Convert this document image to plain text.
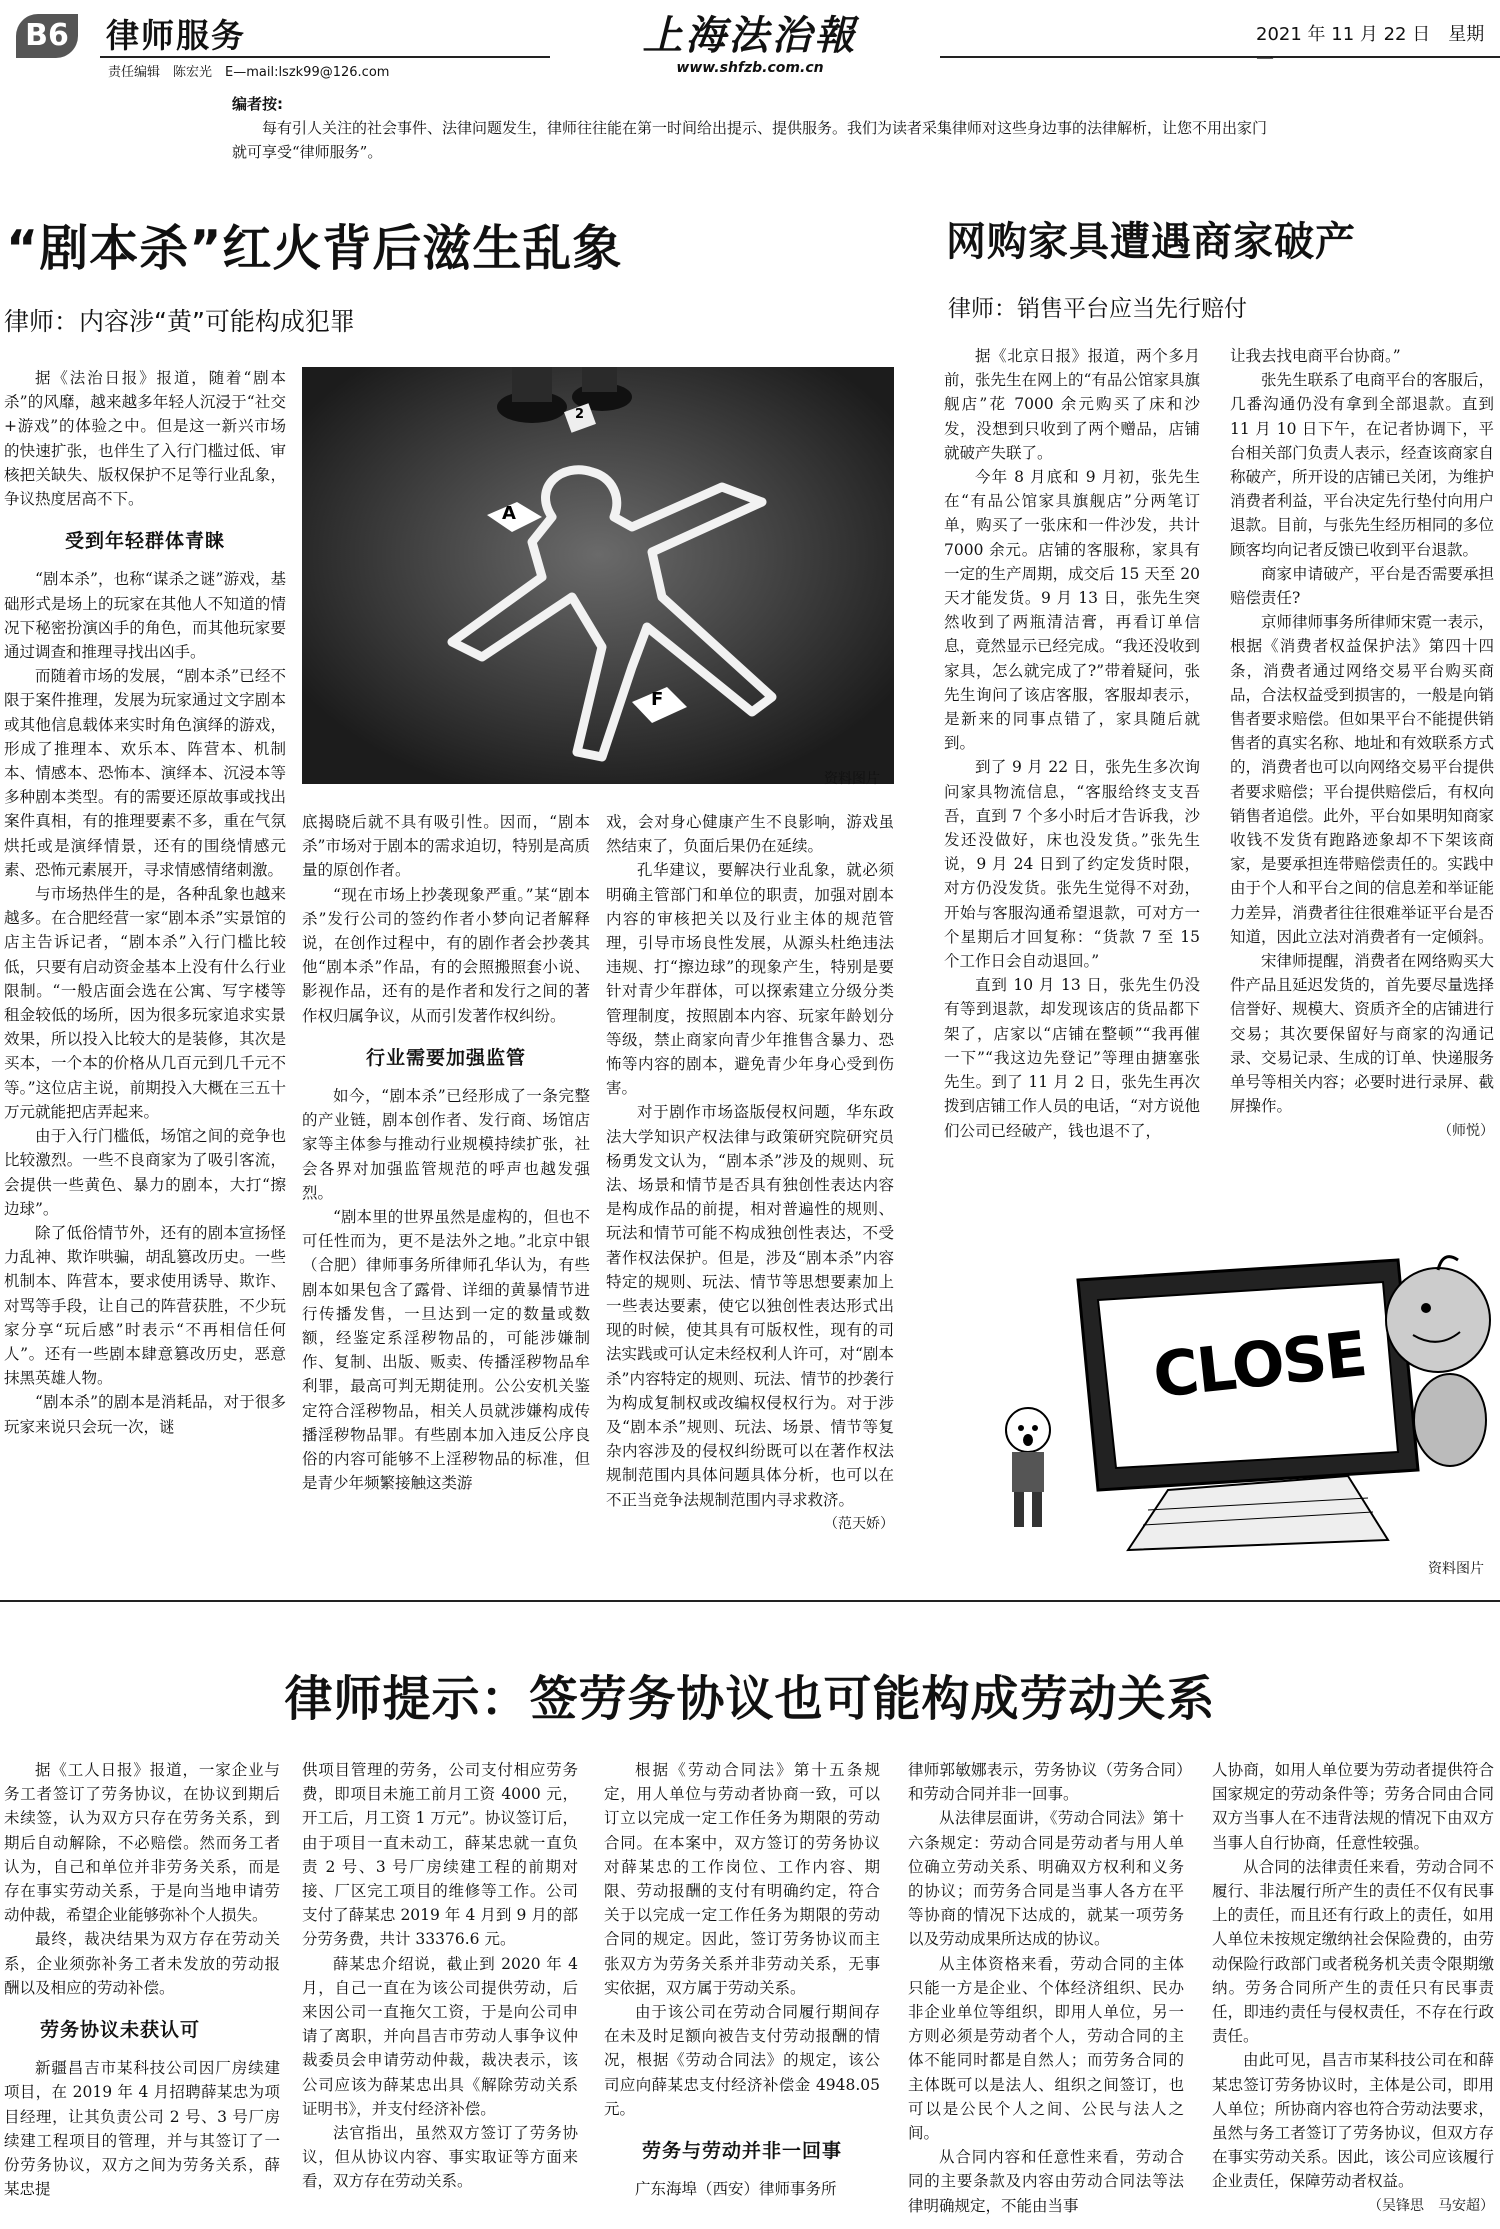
B6 律师服务
责任编辑　陈宏光　E—mail:lszk99@126.com
上海法治報
www.shfzb.com.cn
2021 年 11 月 22 日　星期一
编者按:
每有引人关注的社会事件、法律问题发生，律师往往能在第一时间给出提示、提供服务。我们为读者采集律师对这些身边事的法律解析，让您不用出家门就可享受“律师服务”。
“剧本杀”红火背后滋生乱象
律师：内容涉“黄”可能构成犯罪
A
F
2
资料图片

据《法治日报》报道，随着“剧本杀”的风靡，越来越多年轻人沉浸于“社交+游戏”的体验之中。但是这一新兴市场的快速扩张，也伴生了入行门槛过低、审核把关缺失、版权保护不足等行业乱象，争议热度居高不下。

受到年轻群体青睐

“剧本杀”，也称“谋杀之谜”游戏，基础形式是场上的玩家在其他人不知道的情况下秘密扮演凶手的角色，而其他玩家要通过调查和推理寻找出凶手。

而随着市场的发展，“剧本杀”已经不限于案件推理，发展为玩家通过文字剧本或其他信息载体来实时角色演绎的游戏，形成了推理本、欢乐本、阵营本、机制本、情感本、恐怖本、演绎本、沉浸本等多种剧本类型。有的需要还原故事或找出案件真相，有的推理要素不多，重在气氛烘托或是演绎情景，还有的围绕情感元素、恐怖元素展开，寻求情感情绪刺激。

与市场热伴生的是，各种乱象也越来越多。在合肥经营一家“剧本杀”实景馆的店主告诉记者，“剧本杀”入行门槛比较低，只要有启动资金基本上没有什么行业限制。“一般店面会选在公寓、写字楼等租金较低的场所，因为很多玩家追求实景效果，所以投入比较大的是装修，其次是买本，一个本的价格从几百元到几千元不等。”这位店主说，前期投入大概在三五十万元就能把店弄起来。

由于入行门槛低，场馆之间的竞争也比较激烈。一些不良商家为了吸引客流，会提供一些黄色、暴力的剧本，大打“擦边球”。

除了低俗情节外，还有的剧本宣扬怪力乱神、欺诈哄骗，胡乱篡改历史。一些机制本、阵营本，要求使用诱导、欺诈、对骂等手段，让自己的阵营获胜，不少玩家分享“玩后感”时表示“不再相信任何人”。还有一些剧本肆意篡改历史，恶意抹黑英雄人物。

“剧本杀”的剧本是消耗品，对于很多玩家来说只会玩一次，谜

底揭晓后就不具有吸引性。因而，“剧本杀”市场对于剧本的需求迫切，特别是高质量的原创作者。

“现在市场上抄袭现象严重。”某“剧本杀”发行公司的签约作者小梦向记者解释说，在创作过程中，有的剧作者会抄袭其他“剧本杀”作品，有的会照搬照套小说、影视作品，还有的是作者和发行之间的著作权归属争议，从而引发著作权纠纷。

行业需要加强监管

如今，“剧本杀”已经形成了一条完整的产业链，剧本创作者、发行商、场馆店家等主体参与推动行业规模持续扩张，社会各界对加强监管规范的呼声也越发强烈。

“剧本里的世界虽然是虚构的，但也不可任性而为，更不是法外之地。”北京中银（合肥）律师事务所律师孔华认为，有些剧本如果包含了露骨、详细的黄暴情节进行传播发售，一旦达到一定的数量或数额，经鉴定系淫秽物品的，可能涉嫌制作、复制、出版、贩卖、传播淫秽物品牟利罪，最高可判无期徒刑。公公安机关鉴定符合淫秽物品，相关人员就涉嫌构成传播淫秽物品罪。有些剧本加入违反公序良俗的内容可能够不上淫秽物品的标准，但是青少年频繁接触这类游

戏，会对身心健康产生不良影响，游戏虽然结束了，负面后果仍在延续。

孔华建议，要解决行业乱象，就必须明确主管部门和单位的职责，加强对剧本内容的审核把关以及行业主体的规范管理，引导市场良性发展，从源头杜绝违法违规、打“擦边球”的现象产生，特别是要针对青少年群体，可以探索建立分级分类管理制度，按照剧本内容、玩家年龄划分等级，禁止商家向青少年推售含暴力、恐怖等内容的剧本，避免青少年身心受到伤害。

对于剧作市场盗版侵权问题，华东政法大学知识产权法律与政策研究院研究员杨勇发文认为，“剧本杀”涉及的规则、玩法、场景和情节是否具有独创性表达内容是构成作品的前提，相对普遍性的规则、玩法和情节可能不构成独创性表达，不受著作权法保护。但是，涉及“剧本杀”内容特定的规则、玩法、情节等思想要素加上一些表达要素，使它以独创性表达形式出现的时候，使其具有可版权性，现有的司法实践或可认定未经权利人许可，对“剧本杀”内容特定的规则、玩法、情节的抄袭行为构成复制权或改编权侵权行为。对于涉及“剧本杀”规则、玩法、场景、情节等复杂内容涉及的侵权纠纷既可以在著作权法规制范围内具体问题具体分析，也可以在不正当竞争法规制范围内寻求救济。

（范天娇）
网购家具遭遇商家破产
律师：销售平台应当先行赔付

据《北京日报》报道，两个多月前，张先生在网上的“有品公馆家具旗舰店”花 7000 余元购买了床和沙发，没想到只收到了两个赠品，店铺就破产失联了。

今年 8 月底和 9 月初，张先生在“有品公馆家具旗舰店”分两笔订单，购买了一张床和一件沙发，共计 7000 余元。店铺的客服称，家具有一定的生产周期，成交后 15 天至 20 天才能发货。9 月 13 日，张先生突然收到了两瓶清洁膏，再看订单信息，竟然显示已经完成。“我还没收到家具，怎么就完成了?”带着疑问，张先生询问了该店客服，客服却表示，是新来的同事点错了，家具随后就到。

到了 9 月 22 日，张先生多次询问家具物流信息，“客服给终支支吾吾，直到 7 个多小时后才告诉我，沙发还没做好，床也没发货。”张先生说，9 月 24 日到了约定发货时限，对方仍没发货。张先生觉得不对劲，开始与客服沟通希望退款，可对方一个星期后才回复称：“货款 7 至 15 个工作日会自动退回。”

直到 10 月 13 日，张先生仍没有等到退款，却发现该店的货品都下架了，店家以“店铺在整顿”“我再催一下”“我这边先登记”等理由搪塞张先生。到了 11 月 2 日，张先生再次拨到店铺工作人员的电话，“对方说他们公司已经破产，钱也退不了，

让我去找电商平台协商。”

张先生联系了电商平台的客服后，几番沟通仍没有拿到全部退款。直到 11 月 10 日下午，在记者协调下，平台相关部门负责人表示，经查该商家自称破产，所开设的店铺已关闭，为维护消费者利益，平台决定先行垫付向用户退款。目前，与张先生经历相同的多位顾客均向记者反馈已收到平台退款。

商家申请破产，平台是否需要承担赔偿责任?

京师律师事务所律师宋霓一表示，根据《消费者权益保护法》第四十四条，消费者通过网络交易平台购买商品，合法权益受到损害的，一般是向销售者要求赔偿。但如果平台不能提供销售者的真实名称、地址和有效联系方式的，消费者也可以向网络交易平台提供者要求赔偿；平台提供赔偿后，有权向销售者追偿。此外，平台如果明知商家收钱不发货有跑路迹象却不下架该商家，是要承担连带赔偿责任的。实践中由于个人和平台之间的信息差和举证能力差异，消费者往往很难举证平台是否知道，因此立法对消费者有一定倾斜。

宋律师提醒，消费者在网络购买大件产品且延迟发货的，首先要尽量选择信誉好、规模大、资质齐全的店铺进行交易；其次要保留好与商家的沟通记录、交易记录、生成的订单、快递服务单号等相关内容；必要时进行录屏、截屏操作。

（师悦）
CLOSE
资料图片
律师提示：签劳务协议也可能构成劳动关系

据《工人日报》报道，一家企业与务工者签订了劳务协议，在协议到期后未续签，认为双方只存在劳务关系，到期后自动解除，不必赔偿。然而务工者认为，自己和单位并非劳务关系，而是存在事实劳动关系，于是向当地申请劳动仲裁，希望企业能够弥补个人损失。

最终，裁决结果为双方存在劳动关系，企业须弥补务工者未发放的劳动报酬以及相应的劳动补偿。

劳务协议未获认可

新疆昌吉市某科技公司因厂房续建项目，在 2019 年 4 月招聘薛某忠为项目经理，让其负责公司 2 号、3 号厂房续建工程项目的管理，并与其签订了一份劳务协议，双方之间为劳务关系，薛某忠提

供项目管理的劳务，公司支付相应劳务费，即项目未施工前月工资 4000 元，开工后，月工资 1 万元”。协议签订后，由于项目一直未动工，薛某忠就一直负责 2 号、3 号厂房续建工程的前期对接、厂区完工项目的维修等工作。公司支付了薛某忠 2019 年 4 月到 9 月的部分劳务费，共计 33376.6 元。

薛某忠介绍说，截止到 2020 年 4 月，自己一直在为该公司提供劳动，后来因公司一直拖欠工资，于是向公司申请了离职，并向昌吉市劳动人事争议仲裁委员会申请劳动仲裁，裁决表示，该公司应该为薛某忠出具《解除劳动关系证明书》，并支付经济补偿。

法官指出，虽然双方签订了劳务协议，但从协议内容、事实取证等方面来看，双方存在劳动关系。

根据《劳动合同法》第十五条规定，用人单位与劳动者协商一致，可以订立以完成一定工作任务为期限的劳动合同。在本案中，双方签订的劳务协议对薛某忠的工作岗位、工作内容、期限、劳动报酬的支付有明确约定，符合关于以完成一定工作任务为期限的劳动合同的规定。因此，签订劳务协议而主张双方为劳务关系并非劳动关系，无事实依据，双方属于劳动关系。

由于该公司在劳动合同履行期间存在未及时足额向被告支付劳动报酬的情况，根据《劳动合同法》的规定，该公司应向薛某忠支付经济补偿金 4948.05 元。

劳务与劳动并非一回事

广东海埠（西安）律师事务所

律师郭敏娜表示，劳务协议（劳务合同）和劳动合同并非一回事。

从法律层面讲，《劳动合同法》第十六条规定：劳动合同是劳动者与用人单位确立劳动关系、明确双方权利和义务的协议；而劳务合同是当事人各方在平等协商的情况下达成的，就某一项劳务以及劳动成果所达成的协议。

从主体资格来看，劳动合同的主体只能一方是企业、个体经济组织、民办非企业单位等组织，即用人单位，另一方则必须是劳动者个人，劳动合同的主体不能同时都是自然人；而劳务合同的主体既可以是法人、组织之间签订，也可以是公民个人之间、公民与法人之间。

从合同内容和任意性来看，劳动合同的主要条款及内容由劳动合同法等法律明确规定，不能由当事

人协商，如用人单位要为劳动者提供符合国家规定的劳动条件等；劳务合同由合同双方当事人在不违背法规的情况下由双方当事人自行协商，任意性较强。

从合同的法律责任来看，劳动合同不履行、非法履行所产生的责任不仅有民事上的责任，而且还有行政上的责任，如用人单位未按规定缴纳社会保险费的，由劳动保险行政部门或者税务机关责令限期缴纳。劳务合同所产生的责任只有民事责任，即违约责任与侵权责任，不存在行政责任。

由此可见，昌吉市某科技公司在和薛某忠签订劳务协议时，主体是公司，即用人单位；所协商内容也符合劳动法要求，虽然与务工者签订了劳务协议，但双方存在事实劳动关系。因此，该公司应该履行企业责任，保障劳动者权益。

（吴锋思　马安超）
